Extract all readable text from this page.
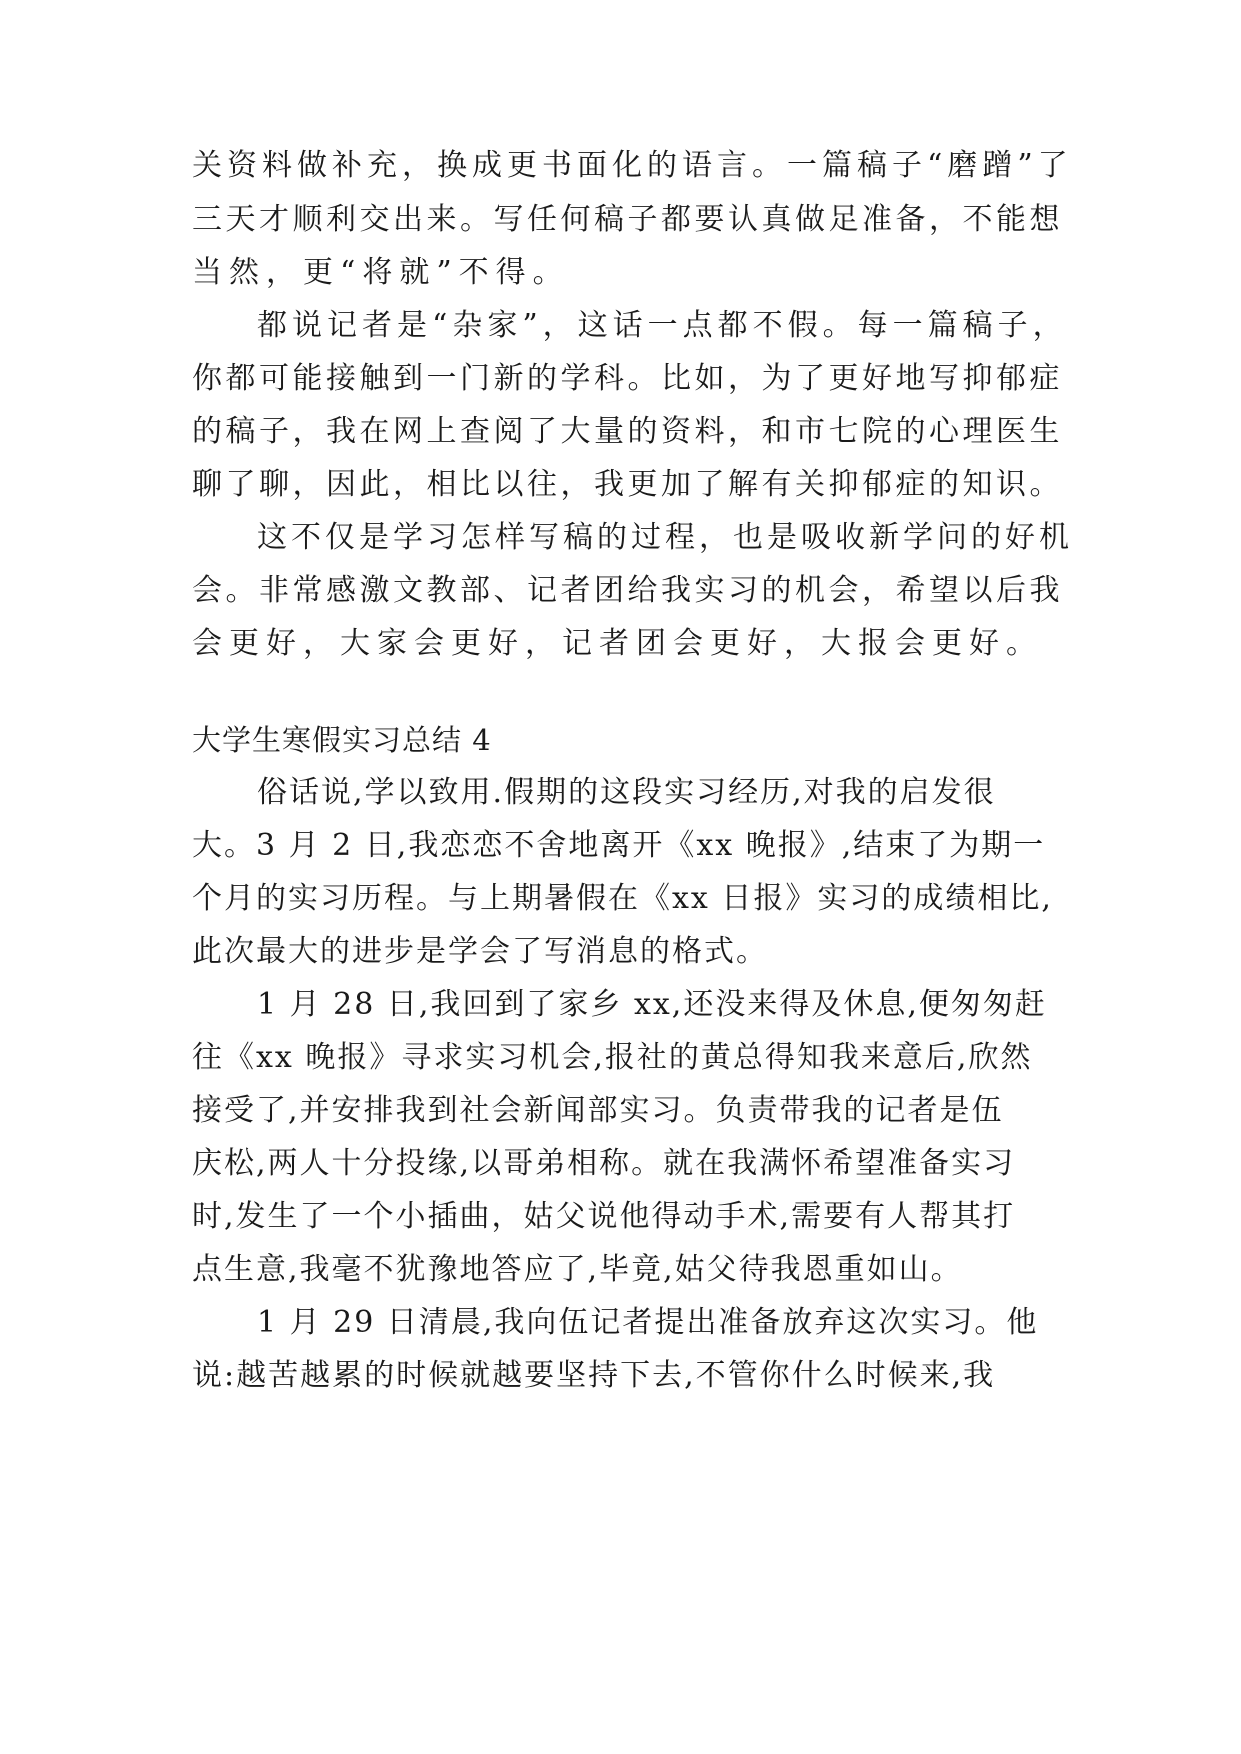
关资料做补充，换成更书面化的语言。一篇稿子“磨蹭”了
三天才顺利交出来。写任何稿子都要认真做足准备，不能想
当然，更“将就”不得。
都说记者是“杂家”，这话一点都不假。每一篇稿子，
你都可能接触到一门新的学科。比如，为了更好地写抑郁症
的稿子，我在网上查阅了大量的资料，和市七院的心理医生
聊了聊，因此，相比以往，我更加了解有关抑郁症的知识。
这不仅是学习怎样写稿的过程，也是吸收新学问的好机
会。非常感激文教部、记者团给我实习的机会，希望以后我
会更好，大家会更好，记者团会更好，大报会更好。
大学生寒假实习总结 4
俗话说,学以致用.假期的这段实习经历,对我的启发很
大。3 月 2 日,我恋恋不舍地离开《xx 晚报》,结束了为期一
个月的实习历程。与上期暑假在《xx 日报》实习的成绩相比,
此次最大的进步是学会了写消息的格式。
1 月 28 日,我回到了家乡 xx,还没来得及休息,便匆匆赶
往《xx 晚报》寻求实习机会,报社的黄总得知我来意后,欣然
接受了,并安排我到社会新闻部实习。负责带我的记者是伍
庆松,两人十分投缘,以哥弟相称。就在我满怀希望准备实习
时,发生了一个小插曲，姑父说他得动手术,需要有人帮其打
点生意,我毫不犹豫地答应了,毕竟,姑父待我恩重如山。
1 月 29 日清晨,我向伍记者提出准备放弃这次实习。他
说:越苦越累的时候就越要坚持下去,不管你什么时候来,我
